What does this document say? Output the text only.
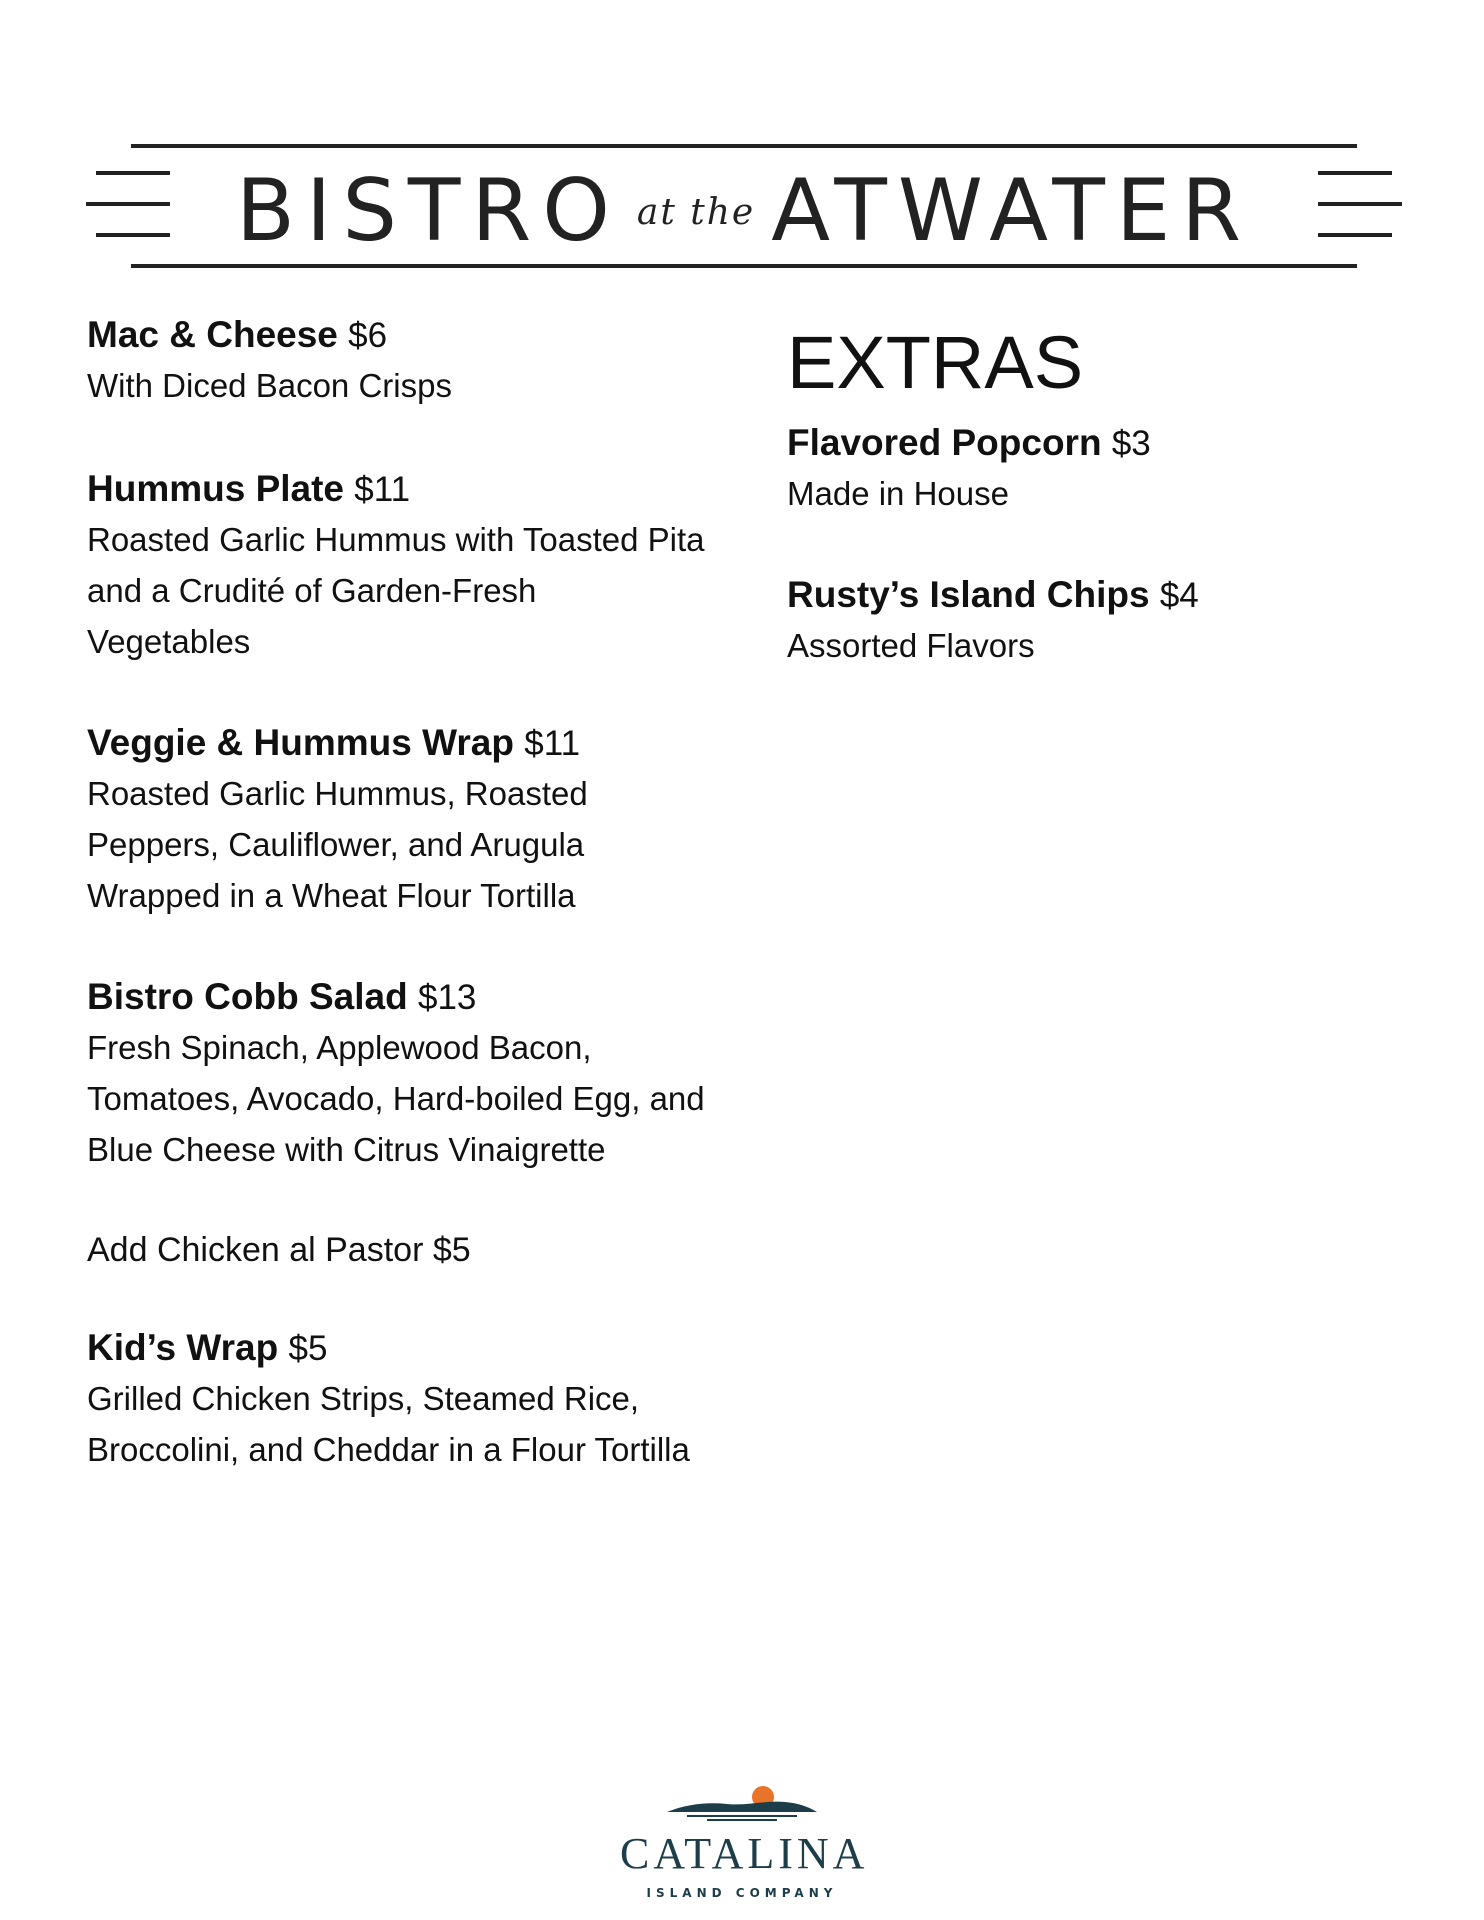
BISTRO at the ATWATER

Mac & Cheese $6

With Diced Bacon Crisps

Hummus Plate $11

Roasted Garlic Hummus with Toasted Pita and a Crudité of Garden-Fresh Vegetables

Veggie & Hummus Wrap $11

Roasted Garlic Hummus, Roasted Peppers, Cauliflower, and Arugula Wrapped in a Wheat Flour Tortilla

Bistro Cobb Salad $13

Fresh Spinach, Applewood Bacon, Tomatoes, Avocado, Hard-boiled Egg, and Blue Cheese with Citrus Vinaigrette

Add Chicken al Pastor $5

Kid’s Wrap $5

Grilled Chicken Strips, Steamed Rice, Broccolini, and Cheddar in a Flour Tortilla

EXTRAS

Flavored Popcorn $3

Made in House

Rusty’s Island Chips $4

Assorted Flavors

CATALINA
ISLAND COMPANY
